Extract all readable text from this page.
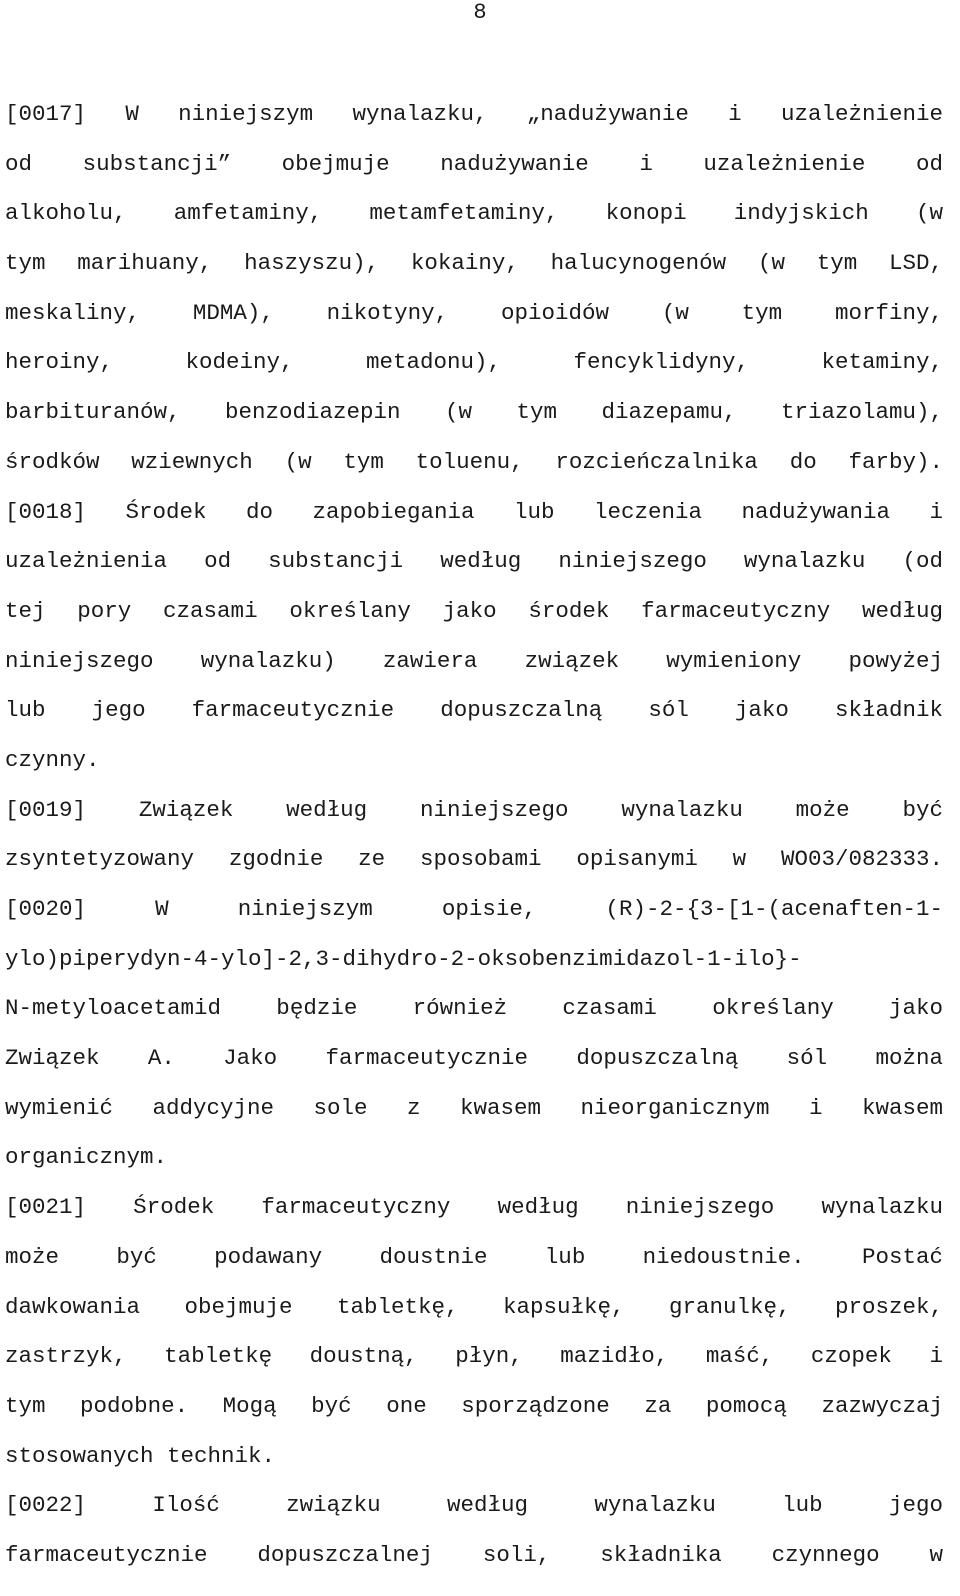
8
[0017] W niniejszym wynalazku, „nadużywanie i uzależnienie
od substancji” obejmuje nadużywanie i uzależnienie od
alkoholu, amfetaminy, metamfetaminy, konopi indyjskich (w
tym marihuany, haszyszu), kokainy, halucynogenów (w tym LSD,
meskaliny, MDMA), nikotyny, opioidów (w tym morfiny,
heroiny, kodeiny, metadonu), fencyklidyny, ketaminy,
barbituranów, benzodiazepin (w tym diazepamu, triazolamu),
środków wziewnych (w tym toluenu, rozcieńczalnika do farby).
[0018] Środek do zapobiegania lub leczenia nadużywania i
uzależnienia od substancji według niniejszego wynalazku (od
tej pory czasami określany jako środek farmaceutyczny według
niniejszego wynalazku) zawiera związek wymieniony powyżej
lub jego farmaceutycznie dopuszczalną sól jako składnik
czynny.
[0019] Związek według niniejszego wynalazku może być
zsyntetyzowany zgodnie ze sposobami opisanymi w WO03/082333.
[0020] W niniejszym opisie, (R)-2-{3-[1-(acenaften-1-
ylo)piperydyn-4-ylo]-2,3-dihydro-2-oksobenzimidazol-1-ilo}-
N-metyloacetamid będzie również czasami określany jako
Związek A. Jako farmaceutycznie dopuszczalną sól można
wymienić addycyjne sole z kwasem nieorganicznym i kwasem
organicznym.
[0021] Środek farmaceutyczny według niniejszego wynalazku
może być podawany doustnie lub niedoustnie. Postać
dawkowania obejmuje tabletkę, kapsułkę, granulkę, proszek,
zastrzyk, tabletkę doustną, płyn, mazidło, maść, czopek i
tym podobne. Mogą być one sporządzone za pomocą zazwyczaj
stosowanych technik.
[0022] Ilość związku według wynalazku lub jego
farmaceutycznie dopuszczalnej soli, składnika czynnego w
